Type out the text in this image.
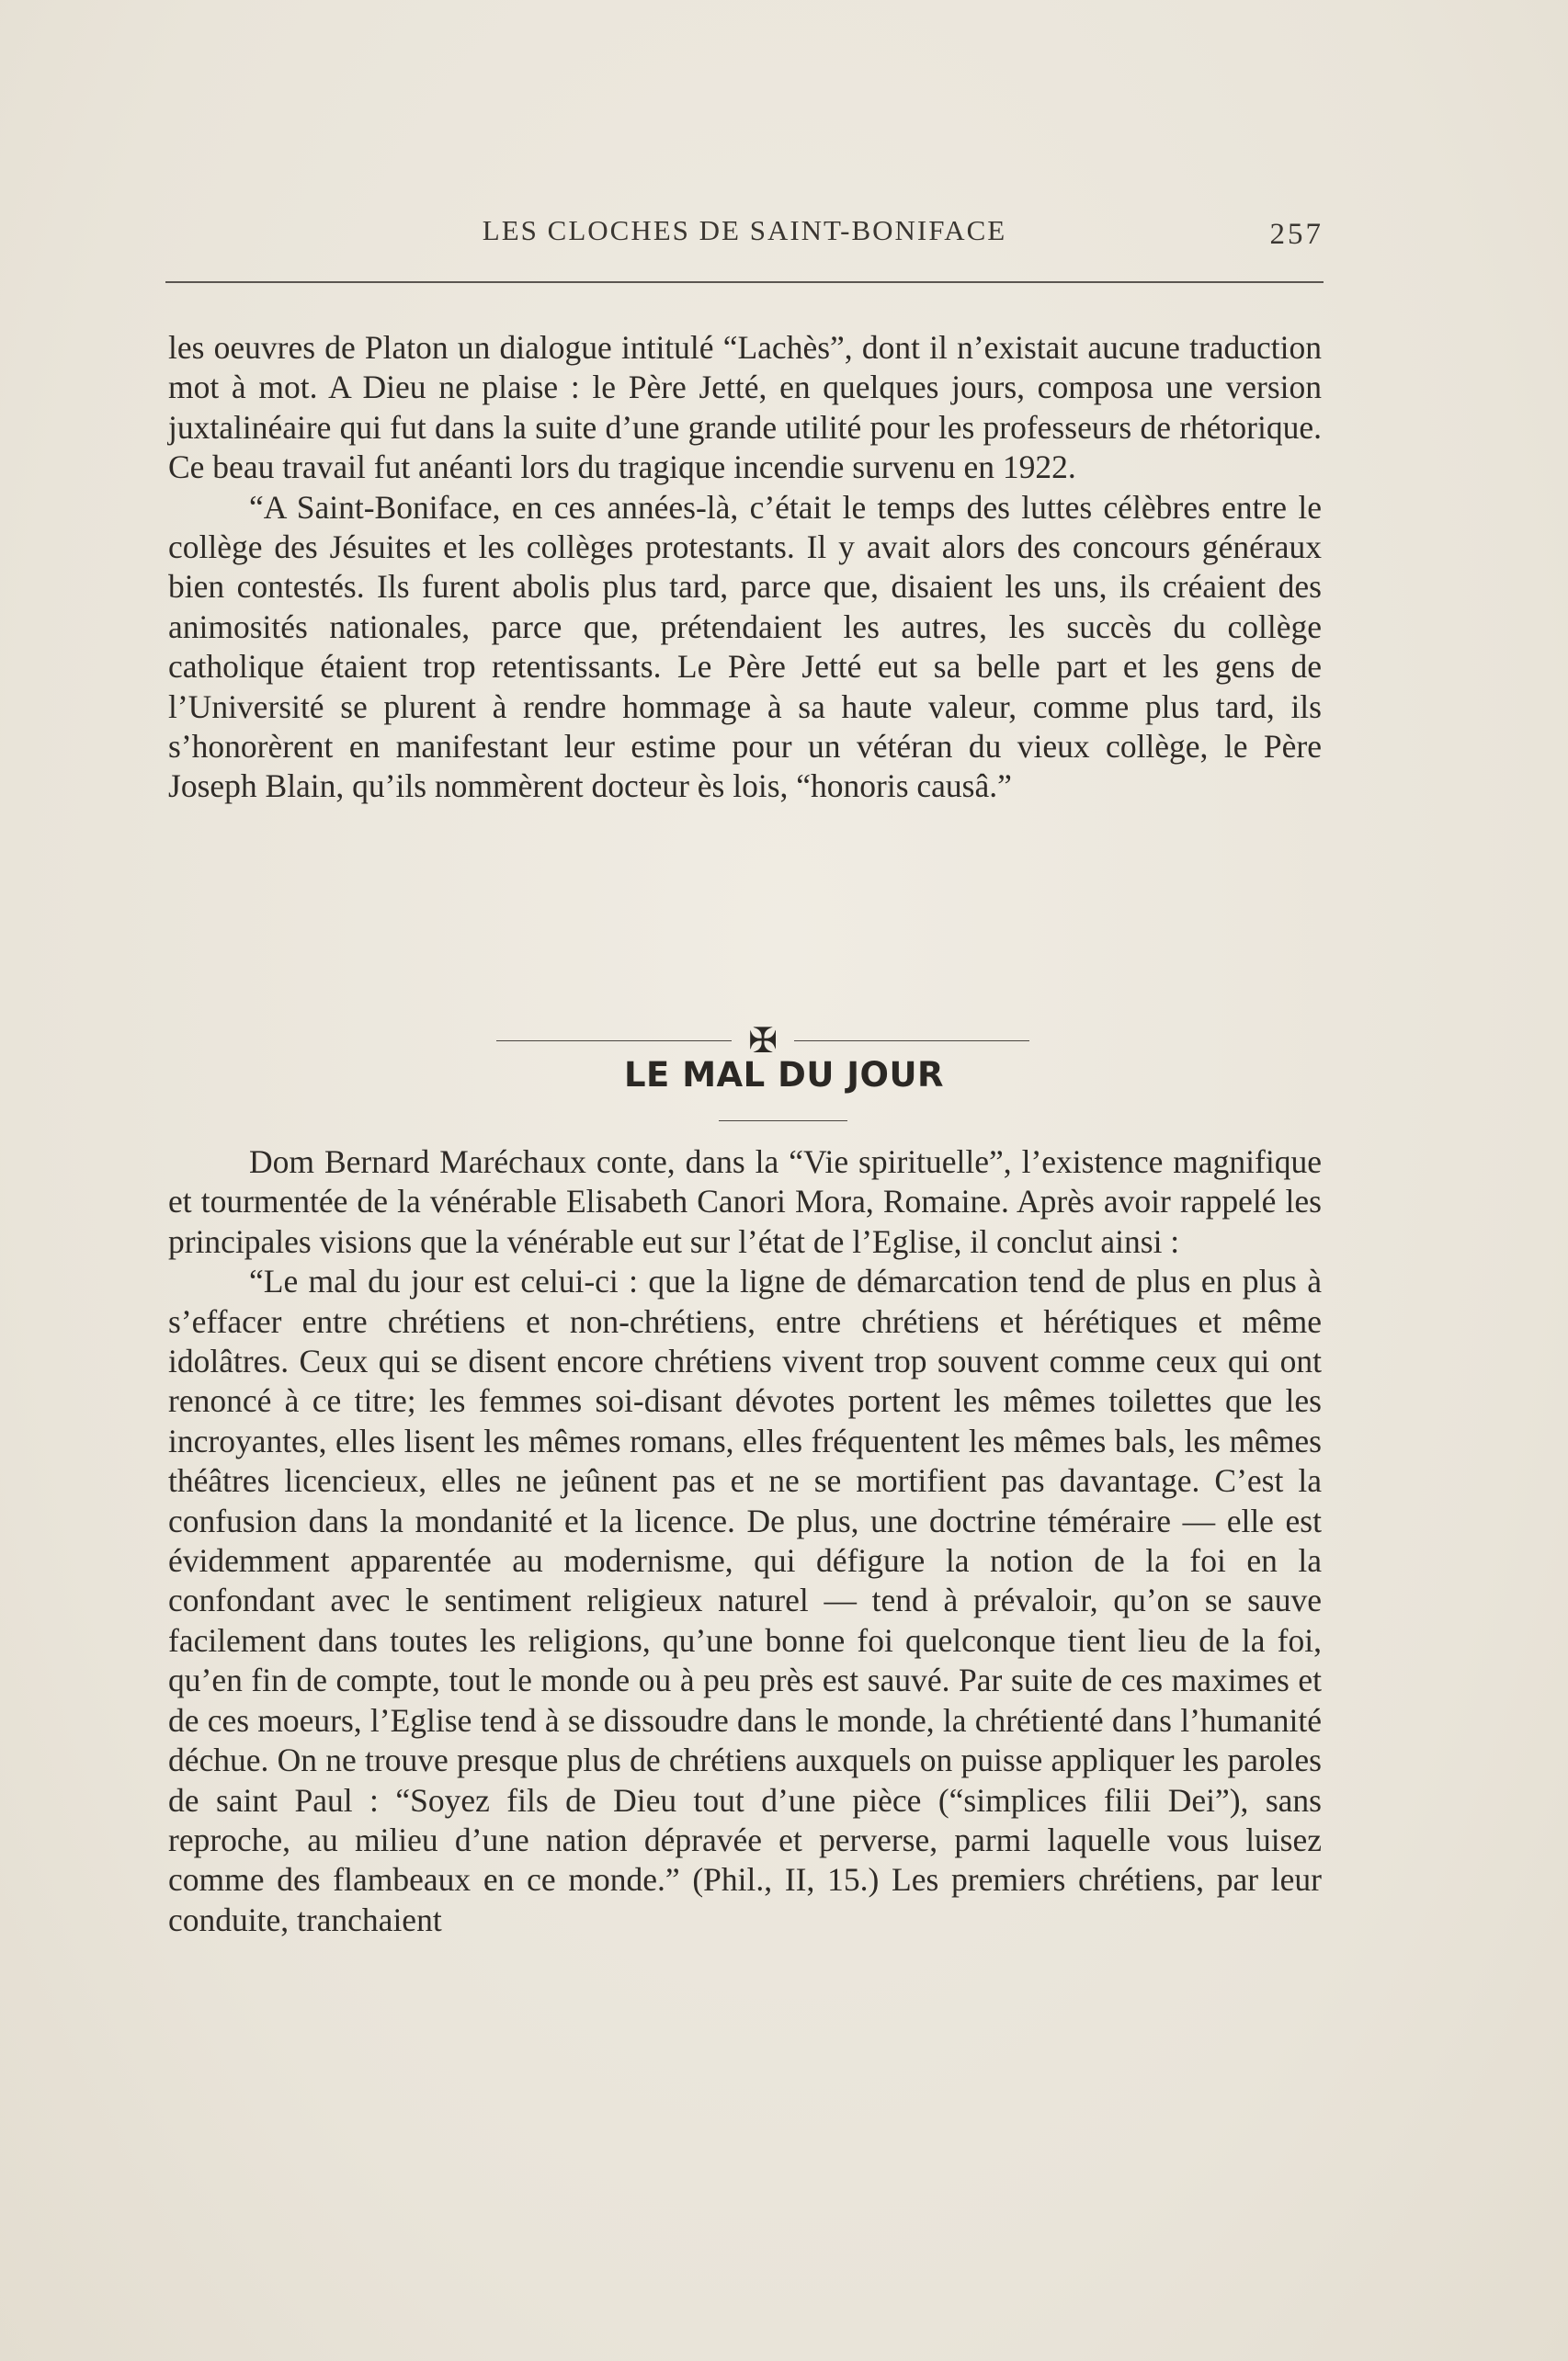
LES CLOCHES DE SAINT-BONIFACE	257

les oeuvres de Platon un dialogue intitulé “Lachès”, dont il n’existait aucune traduction mot à mot. A Dieu ne plaise : le Père Jetté, en quelques jours, composa une version juxtalinéaire qui fut dans la suite d’une grande utilité pour les professeurs de rhétorique. Ce beau travail fut anéanti lors du tragique incendie survenu en 1922.

“A Saint-Boniface, en ces années-là, c’était le temps des luttes célèbres entre le collège des Jésuites et les collèges protestants. Il y avait alors des concours généraux bien contestés. Ils furent abolis plus tard, parce que, disaient les uns, ils créaient des animosités nationales, parce que, prétendaient les autres, les succès du collège catholique étaient trop retentissants. Le Père Jetté eut sa belle part et les gens de l’Université se plurent à rendre hommage à sa haute valeur, comme plus tard, ils s’honorèrent en manifestant leur estime pour un vétéran du vieux collège, le Père Joseph Blain, qu’ils nommèrent docteur ès lois, “honoris causâ.”

✠
LE MAL DU JOUR

Dom Bernard Maréchaux conte, dans la “Vie spirituelle”, l’existence magnifique et tourmentée de la vénérable Elisabeth Canori Mora, Romaine. Après avoir rappelé les principales visions que la vénérable eut sur l’état de l’Eglise, il conclut ainsi :

“Le mal du jour est celui-ci : que la ligne de démarcation tend de plus en plus à s’effacer entre chrétiens et non-chrétiens, entre chrétiens et hérétiques et même idolâtres. Ceux qui se disent encore chrétiens vivent trop souvent comme ceux qui ont renoncé à ce titre; les femmes soi-disant dévotes portent les mêmes toilettes que les incroyantes, elles lisent les mêmes romans, elles fréquentent les mêmes bals, les mêmes théâtres licencieux, elles ne jeûnent pas et ne se mortifient pas davantage. C’est la confusion dans la mondanité et la licence. De plus, une doctrine téméraire — elle est évidemment apparentée au modernisme, qui défigure la notion de la foi en la confondant avec le sentiment religieux naturel — tend à prévaloir, qu’on se sauve facilement dans toutes les religions, qu’une bonne foi quelconque tient lieu de la foi, qu’en fin de compte, tout le monde ou à peu près est sauvé. Par suite de ces maximes et de ces moeurs, l’Eglise tend à se dissoudre dans le monde, la chrétienté dans l’humanité déchue. On ne trouve presque plus de chrétiens auxquels on puisse appliquer les paroles de saint Paul : “Soyez fils de Dieu tout d’une pièce (“simplices filii Dei”), sans reproche, au milieu d’une nation dépravée et perverse, parmi laquelle vous luisez comme des flambeaux en ce monde.” (Phil., II, 15.) Les premiers chrétiens, par leur conduite, tranchaient
